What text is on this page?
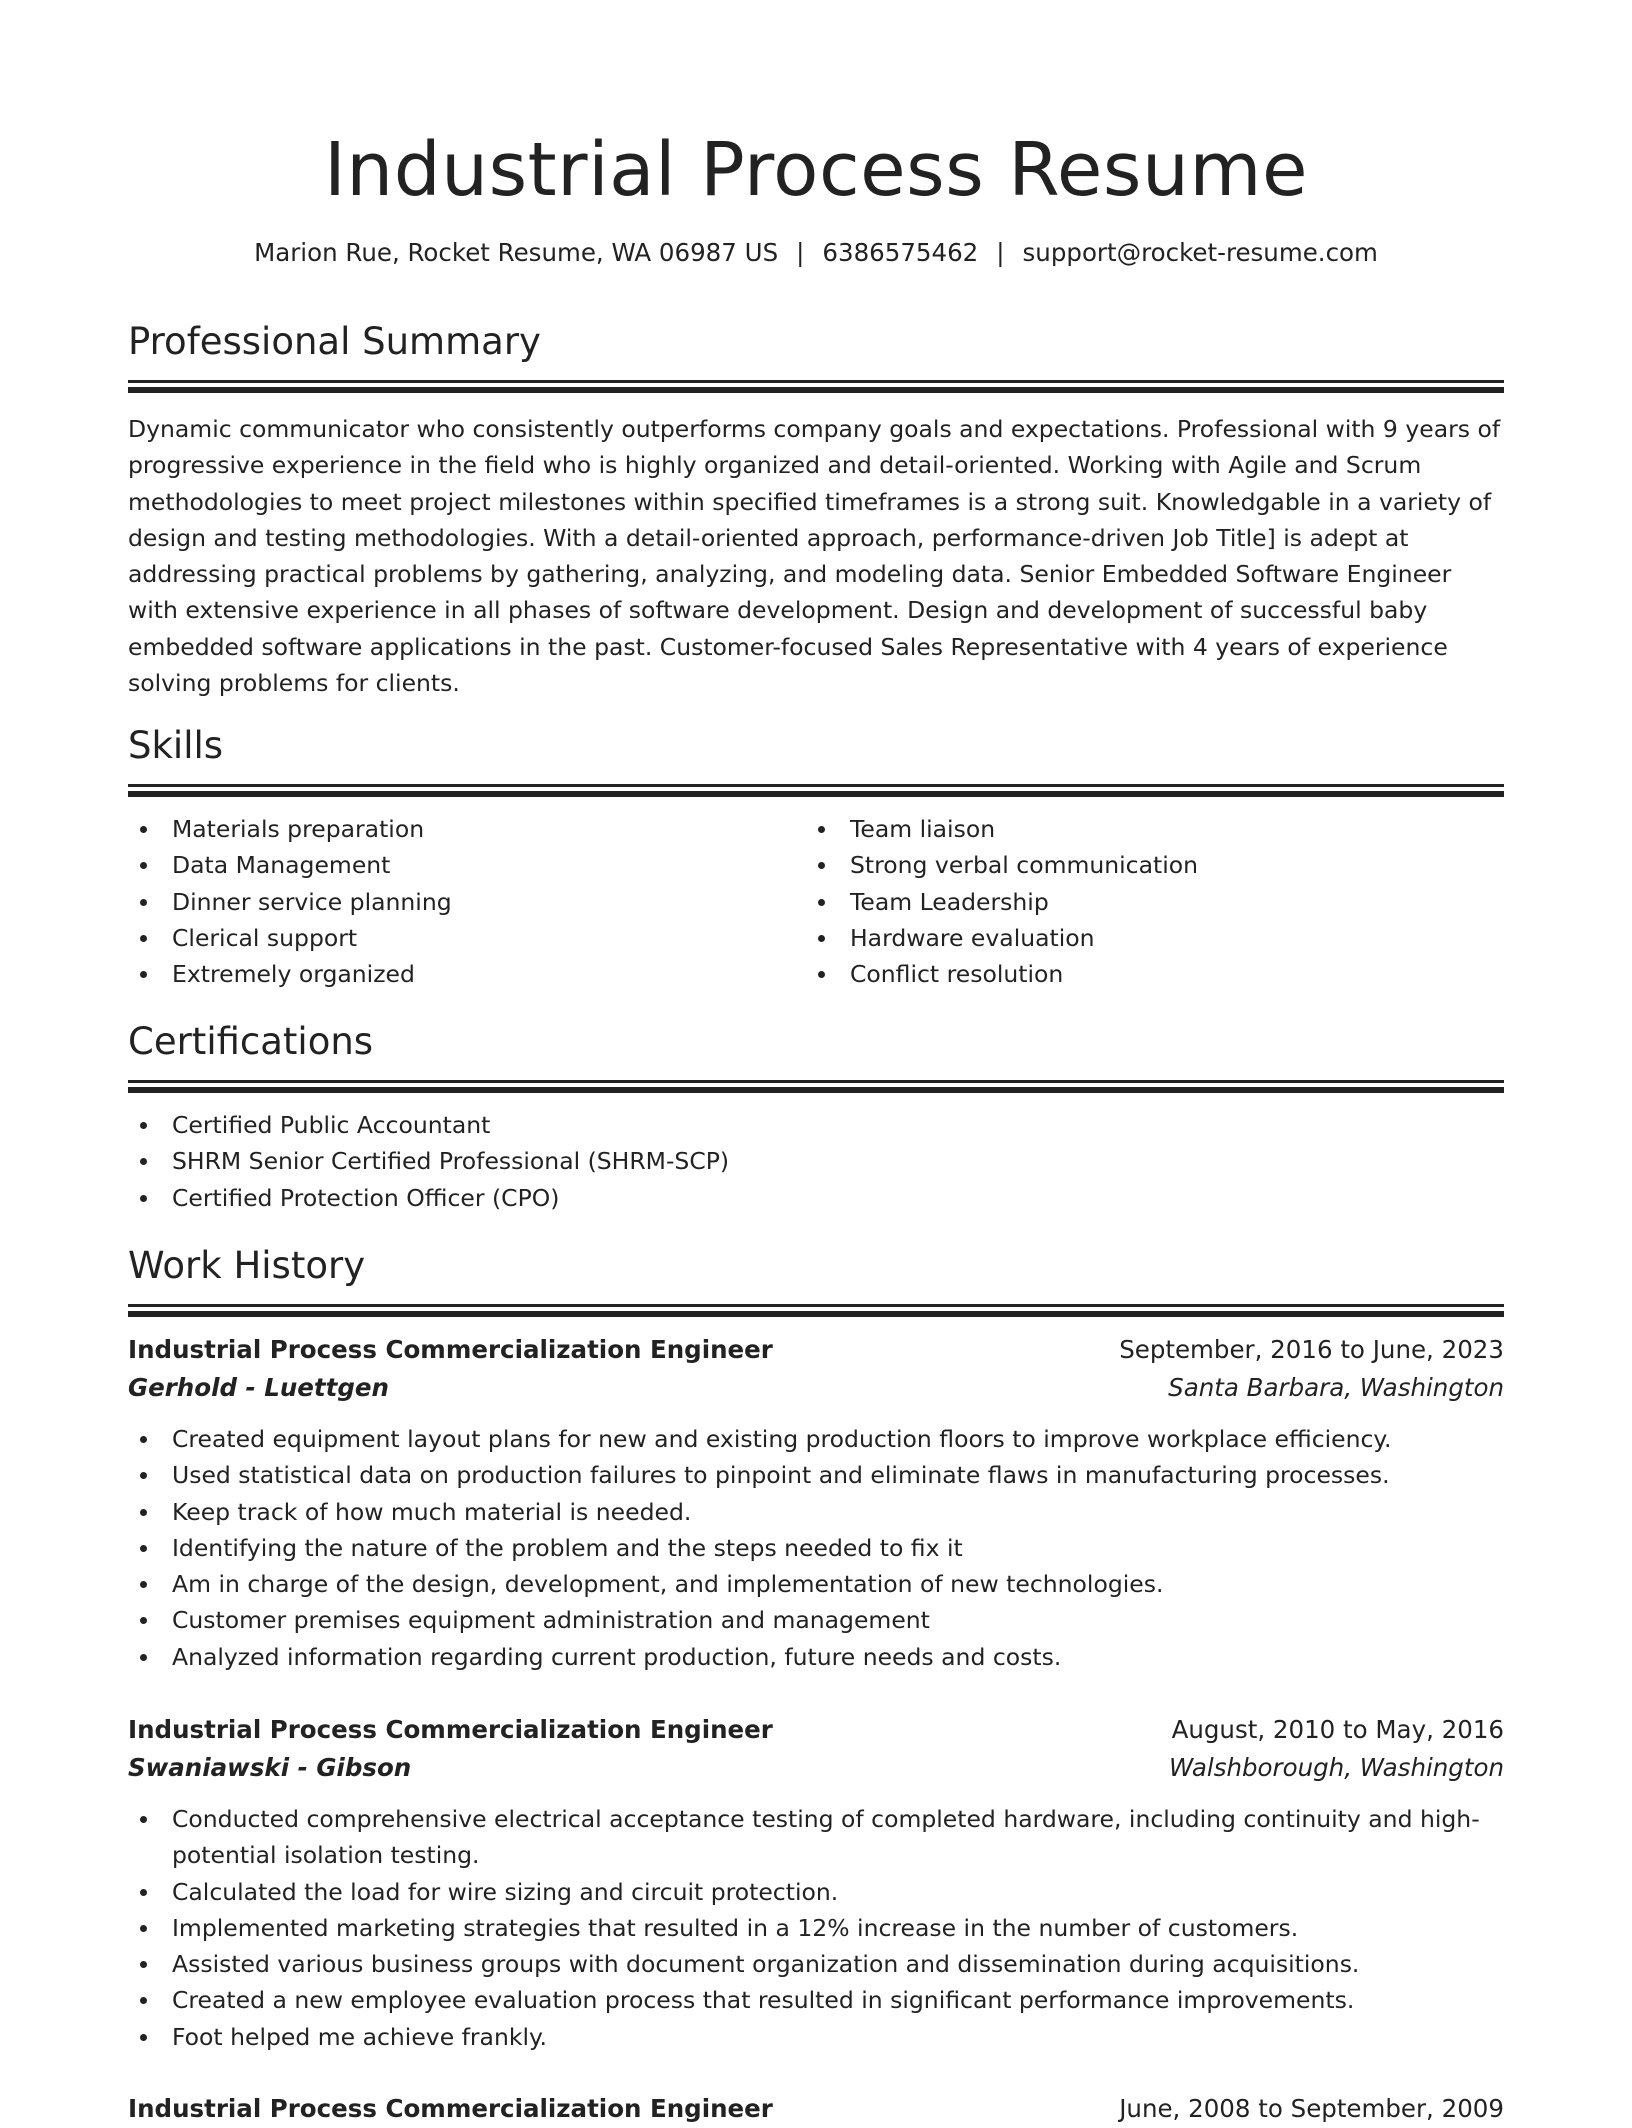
Industrial Process Resume
Marion Rue, Rocket Resume, WA 06987 US | 6386575462 | support@rocket-resume.com
Professional Summary
Dynamic communicator who consistently outperforms company goals and expectations. Professional with 9 years of progressive experience in the field who is highly organized and detail-oriented. Working with Agile and Scrum methodologies to meet project milestones within specified timeframes is a strong suit. Knowledgable in a variety of design and testing methodologies. With a detail-oriented approach, performance-driven Job Title] is adept at addressing practical problems by gathering, analyzing, and modeling data. Senior Embedded Software Engineer with extensive experience in all phases of software development. Design and development of successful baby embedded software applications in the past. Customer-focused Sales Representative with 4 years of experience solving problems for clients.
Skills
Materials preparation
Data Management
Dinner service planning
Clerical support
Extremely organized
Team liaison
Strong verbal communication
Team Leadership
Hardware evaluation
Conflict resolution
Certifications
Certified Public Accountant
SHRM Senior Certified Professional (SHRM-SCP)
Certified Protection Officer (CPO)
Work History
Industrial Process Commercialization Engineer	September, 2016 to June, 2023
Gerhold - Luettgen	Santa Barbara, Washington
Created equipment layout plans for new and existing production floors to improve workplace efficiency.
Used statistical data on production failures to pinpoint and eliminate flaws in manufacturing processes.
Keep track of how much material is needed.
Identifying the nature of the problem and the steps needed to fix it
Am in charge of the design, development, and implementation of new technologies.
Customer premises equipment administration and management
Analyzed information regarding current production, future needs and costs.
Industrial Process Commercialization Engineer	August, 2010 to May, 2016
Swaniawski - Gibson	Walshborough, Washington
Conducted comprehensive electrical acceptance testing of completed hardware, including continuity and high-potential isolation testing.
Calculated the load for wire sizing and circuit protection.
Implemented marketing strategies that resulted in a 12% increase in the number of customers.
Assisted various business groups with document organization and dissemination during acquisitions.
Created a new employee evaluation process that resulted in significant performance improvements.
Foot helped me achieve frankly.
Industrial Process Commercialization Engineer	June, 2008 to September, 2009
